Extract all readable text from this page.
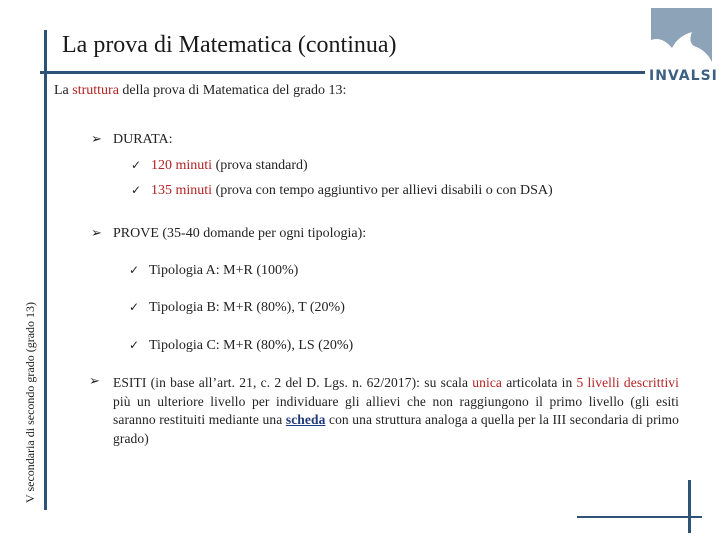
La prova di Matematica (continua)
INVALSI
V secondaria di secondo grado (grado 13)
La struttura della prova di Matematica del grado 13:
➢ DURATA:
✓ 120 minuti (prova standard)
✓ 135 minuti (prova con tempo aggiuntivo per allievi disabili o con DSA)
➢ PROVE (35-40 domande per ogni tipologia):
✓ Tipologia A: M+R (100%)
✓ Tipologia B: M+R (80%), T (20%)
✓ Tipologia C: M+R (80%), LS (20%)
➢ ESITI (in base all’art. 21, c. 2 del D. Lgs. n. 62/2017): su scala unica articolata in 5 livelli descrittivi più un ulteriore livello per individuare gli allievi che non raggiungono il primo livello (gli esiti saranno restituiti mediante una scheda con una struttura analoga a quella per la III secondaria di primo grado)
